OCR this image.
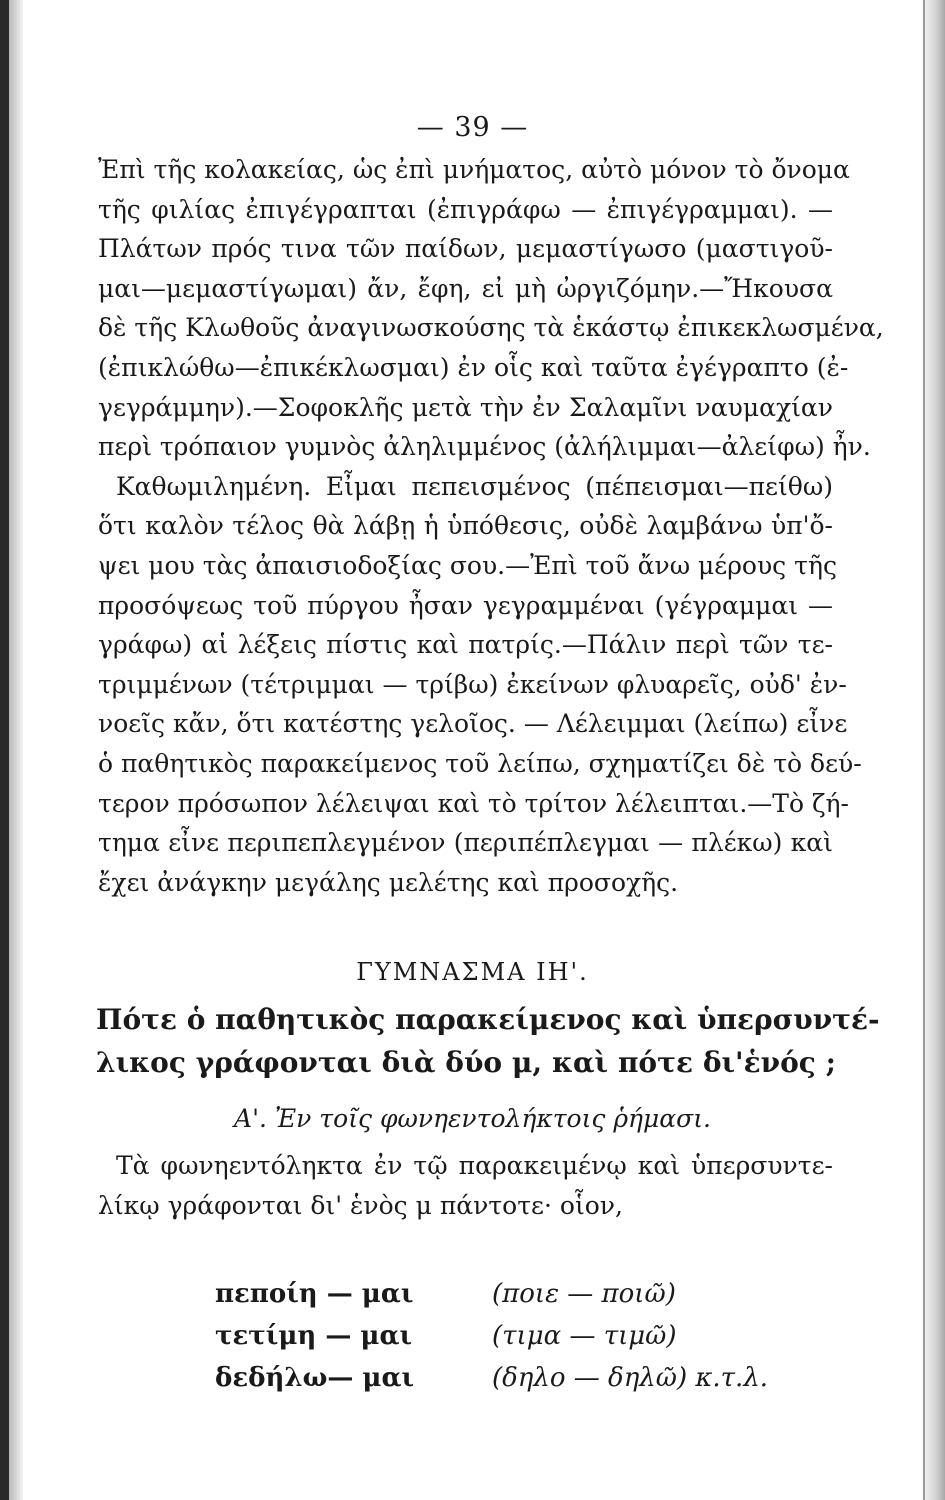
— 39 —
Ἐπὶ τῆς κολακείας, ὡς ἐπὶ μνήματος, αὐτὸ μόνον τὸ ὄνομα
τῆς φιλίας ἐπιγέγραπται (ἐπιγράφω — ἐπιγέγραμμαι). —
Πλάτων πρός τινα τῶν παίδων, μεμαστίγωσο (μαστιγοῦ-
μαι—μεμαστίγωμαι) ἄν, ἔφη, εἰ μὴ ὠργιζόμην.—Ἤκουσα
δὲ τῆς Κλωθοῦς ἀναγινωσκούσης τὰ ἑκάστῳ ἐπικεκλωσμένα,
(ἐπικλώθω—ἐπικέκλωσμαι) ἐν οἷς καὶ ταῦτα ἐγέγραπτο (ἐ-
γεγράμμην).—Σοφοκλῆς μετὰ τὴν ἐν Σαλαμῖνι ναυμαχίαν
περὶ τρόπαιον γυμνὸς ἀληλιμμένος (ἀλήλιμμαι—ἀλείφω) ἦν.
Καθωμιλημένη. Εἶμαι πεπεισμένος (πέπεισμαι—πείθω)
ὅτι καλὸν τέλος θὰ λάβῃ ἡ ὑπόθεσις, οὐδὲ λαμβάνω ὑπ'ὄ-
ψει μου τὰς ἀπαισιοδοξίας σου.—Ἐπὶ τοῦ ἄνω μέρους τῆς
προσόψεως τοῦ πύργου ἦσαν γεγραμμέναι (γέγραμμαι —
γράφω) αἱ λέξεις πίστις καὶ πατρίς.—Πάλιν περὶ τῶν τε-
τριμμένων (τέτριμμαι — τρίβω) ἐκείνων φλυαρεῖς, οὐδ' ἐν-
νοεῖς κἄν, ὅτι κατέστης γελοῖος. — Λέλειμμαι (λείπω) εἶνε
ὁ παθητικὸς παρακείμενος τοῦ λείπω, σχηματίζει δὲ τὸ δεύ-
τερον πρόσωπον λέλειψαι καὶ τὸ τρίτον λέλειπται.—Τὸ ζή-
τημα εἶνε περιπεπλεγμένον (περιπέπλεγμαι — πλέκω) καὶ
ἔχει ἀνάγκην μεγάλης μελέτης καὶ προσοχῆς.
ΓΥΜΝΑΣΜΑ ΙΗ'.
Πότε ὁ παθητικὸς παρακείμενος καὶ ὑπερσυντέ-
λικος γράφονται διὰ δύο μ, καὶ πότε δι'ἑνός ;
Α'. Ἐν τοῖς φωνηεντολήκτοις ῥήμασι.
Τὰ φωνηεντόληκτα ἐν τῷ παρακειμένῳ καὶ ὑπερσυντε-
λίκῳ γράφονται δι' ἑνὸς μ πάντοτε· οἷον,
πεποίη — μαι	(ποιε — ποιῶ)
τετίμη — μαι	(τιμα — τιμῶ)
δεδήλω— μαι	(δηλο — δηλῶ) κ.τ.λ.
